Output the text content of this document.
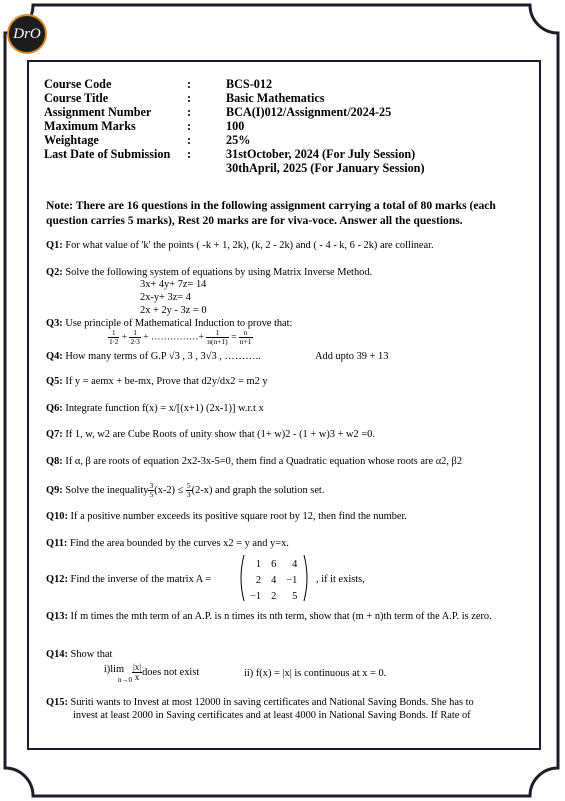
DrO
Course Code	:	BCS-012
Course Title	:	Basic Mathematics
Assignment Number	:	BCA(I)012/Assignment/2024-25
Maximum Marks	:	100
Weightage	:	25%
Last Date of Submission :	31stOctober, 2024 (For July Session)
30thApril, 2025 (For January Session)
Note: There are 16 questions in the following assignment carrying a total of 80 marks (each question carries 5 marks), Rest 20 marks are for viva-voce. Answer all the questions.
Q1: For what value of 'k' the points ( -k + 1, 2k), (k, 2 - 2k) and ( - 4 - k, 6 - 2k) are collinear.
Q2: Solve the following system of equations by using Matrix Inverse Method.
3x+ 4y+ 7z= 14
2x-y+ 3z= 4
2x + 2y - 3z = 0
Q3: Use principle of Mathematical Induction to prove that:
$\frac{1}{1\cdot 2} + \frac{1}{2\cdot 3}$ + ……………+ $\frac{1}{n(n+1)} = \frac{n}{n+1}$
Q4: How many terms of G.P √3 , 3 , 3√3 , ………..	Add upto 39 + 13
Q5: If y = aemx + be-mx, Prove that d2y/dx2 = m2 y
Q6: Integrate function f(x) = x/[(x+1) (2x-1)] w.r.t x
Q7: If 1, w, w2 are Cube Roots of unity show that (1+ w)2 - (1 + w)3 + w2 =0.
Q8: If α, β are roots of equation 2x2-3x-5=0, them find a Quadratic equation whose roots are α2, β2
Q9: Solve the inequality $\frac{3}{5} (x-2) \le \frac{5}{3} (2-x)$ and graph the solution set.
Q10: If a positive number exceeds its positive square root by 12, then find the number.
Q11: Find the area bounded by the curves x2 = y and y=x.
Q12: Find the inverse of the matrix A =
1	6	4
2	4	−1
−1	2	5
, if it exists,
Q13: If m times the mth term of an A.P. is n times its nth term, show that (m + n)th term of the A.P. is zero.
Q14: Show that
i)lim

$n\to 0 \frac{|x|}{x}$ does not exist	ii) f(x) = |x| is continuous at x = 0.
Q15: Suriti wants to Invest at most 12000 in saving certificates and National Saving Bonds. She has to
invest at least 2000 in Saving certificates and at least 4000 in National Saving Bonds. If Rate of
